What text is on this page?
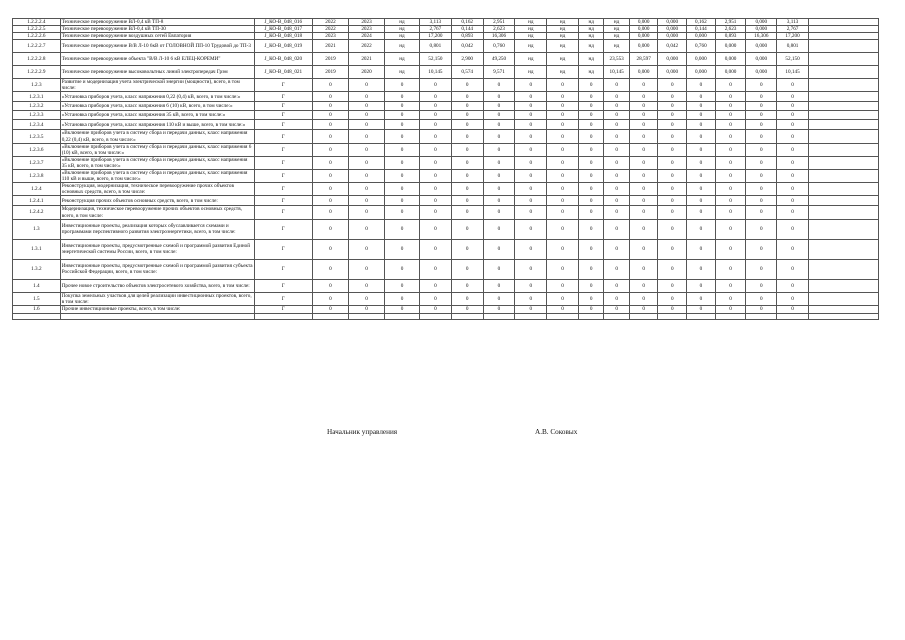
1.2.2.2.4	Техническое перевооружение ВЛ-0,4 кВ ТП-8	J_КО-В_048_016	2022	2023	нд	3,113	0,162	2,951	нд	нд	нд	нд	0,000	0,000	0,162	2,951	0,000	3,113	
1.2.2.2.5	Техническое перевооружение ВЛ-0,4 кВ ТП-30	J_КО-В_048_017	2022	2023	нд	2,767	0,144	2,623	нд	нд	нд	нд	0,000	0,000	0,144	2,623	0,000	2,767	
1.2.2.2.6	Техническое перевооружение воздушных сетей Евпатория	J_КО-В_048_018	2023	2024	нд	17,200	0,893	16,306	нд	нд	нд	нд	0,000	0,000	0,000	0,893	16,306	17,200	
1.2.2.2.7	Техническое перевооружение В/В Л-10 6кВ от ГОЛОВНОЙ ПП-10 Трудовой до ТП-3	J_КО-В_048_019	2021	2022	нд	0,801	0,042	0,760	нд	нд	нд	нд	0,000	0,042	0,760	0,000	0,000	0,801	
1.2.2.2.8	Техническое перевооружение объекта "В/В Л-10 6 кВ ЕЛЕЦ-КОРЕМИ"	J_КО-В_048_020	2019	2021	нд	52,150	2,900	49,250	нд	нд	нд	23,553	28,597	0,000	0,000	0,000	0,000	52,150	
1.2.2.2.9	Техническое перевооружение высоковольтных линий электропередач Грэм	J_КО-В_048_021	2019	2020	нд	10,145	0,574	9,571	нд	нд	нд	10,145	0,000	0,000	0,000	0,000	0,000	10,145	
1.2.3	Развитие и модернизация учета электрической энергии (мощности), всего, в том числе:	Г	0	0	0	0	0	0	0	0	0	0	0	0	0	0	0	0	
1.2.3.1	«Установка приборов учета, класс напряжения 0,22 (0,4) кВ, всего, в том числе:»	Г	0	0	0	0	0	0	0	0	0	0	0	0	0	0	0	0	
1.2.3.2	«Установка приборов учета, класс напряжения 6 (10) кВ, всего, в том числе:»	Г	0	0	0	0	0	0	0	0	0	0	0	0	0	0	0	0	
1.2.3.3	«Установка приборов учета, класс напряжения 35 кВ, всего, в том числе:»	Г	0	0	0	0	0	0	0	0	0	0	0	0	0	0	0	0	
1.2.3.4	«Установка приборов учета, класс напряжения 110 кВ и выше, всего, в том числе:»	Г	0	0	0	0	0	0	0	0	0	0	0	0	0	0	0	0	
1.2.3.5	«Включение приборов учета в систему сбора и передачи данных, класс напряжения 0,22 (0,4) кВ, всего, в том числе:»	Г	0	0	0	0	0	0	0	0	0	0	0	0	0	0	0	0	
1.2.3.6	«Включение приборов учета в систему сбора и передачи данных, класс напряжения 6 (10) кВ, всего, в том числе:»	Г	0	0	0	0	0	0	0	0	0	0	0	0	0	0	0	0	
1.2.3.7	«Включение приборов учета в систему сбора и передачи данных, класс напряжения 35 кВ, всего, в том числе:»	Г	0	0	0	0	0	0	0	0	0	0	0	0	0	0	0	0	
1.2.3.8	«Включение приборов учета в систему сбора и передачи данных, класс напряжения 110 кВ и выше, всего, в том числе:»	Г	0	0	0	0	0	0	0	0	0	0	0	0	0	0	0	0	
1.2.4	Реконструкция, модернизация, техническое перевооружение прочих объектов основных средств, всего, в том числе:	Г	0	0	0	0	0	0	0	0	0	0	0	0	0	0	0	0	
1.2.4.1	Реконструкция прочих объектов основных средств, всего, в том числе:	Г	0	0	0	0	0	0	0	0	0	0	0	0	0	0	0	0	
1.2.4.2	Модернизация, техническое перевооружение прочих объектов основных средств, всего, в том числе:	Г	0	0	0	0	0	0	0	0	0	0	0	0	0	0	0	0	
1.3	Инвестиционные проекты, реализация которых обуславливается схемами и программами перспективного развития электроэнергетики, всего, в том числе:	Г	0	0	0	0	0	0	0	0	0	0	0	0	0	0	0	0	
1.3.1	Инвестиционные проекты, предусмотренные схемой и программой развития Единой энергетической системы России, всего, в том числе:	Г	0	0	0	0	0	0	0	0	0	0	0	0	0	0	0	0	
1.3.2	Инвестиционные проекты, предусмотренные схемой и программой развития субъекта Российской Федерации, всего, в том числе:	Г	0	0	0	0	0	0	0	0	0	0	0	0	0	0	0	0	
1.4	Прочее новое строительство объектов электросетевого хозяйства, всего, в том числе:	Г	0	0	0	0	0	0	0	0	0	0	0	0	0	0	0	0	
1.5	Покупка земельных участков для целей реализации инвестиционных проектов, всего, в том числе:	Г	0	0	0	0	0	0	0	0	0	0	0	0	0	0	0	0	
1.6	Прочие инвестиционные проекты, всего, в том числе:	Г	0	0	0	0	0	0	0	0	0	0	0	0	0	0	0	0	

Начальник управления	А.В. Соковых
